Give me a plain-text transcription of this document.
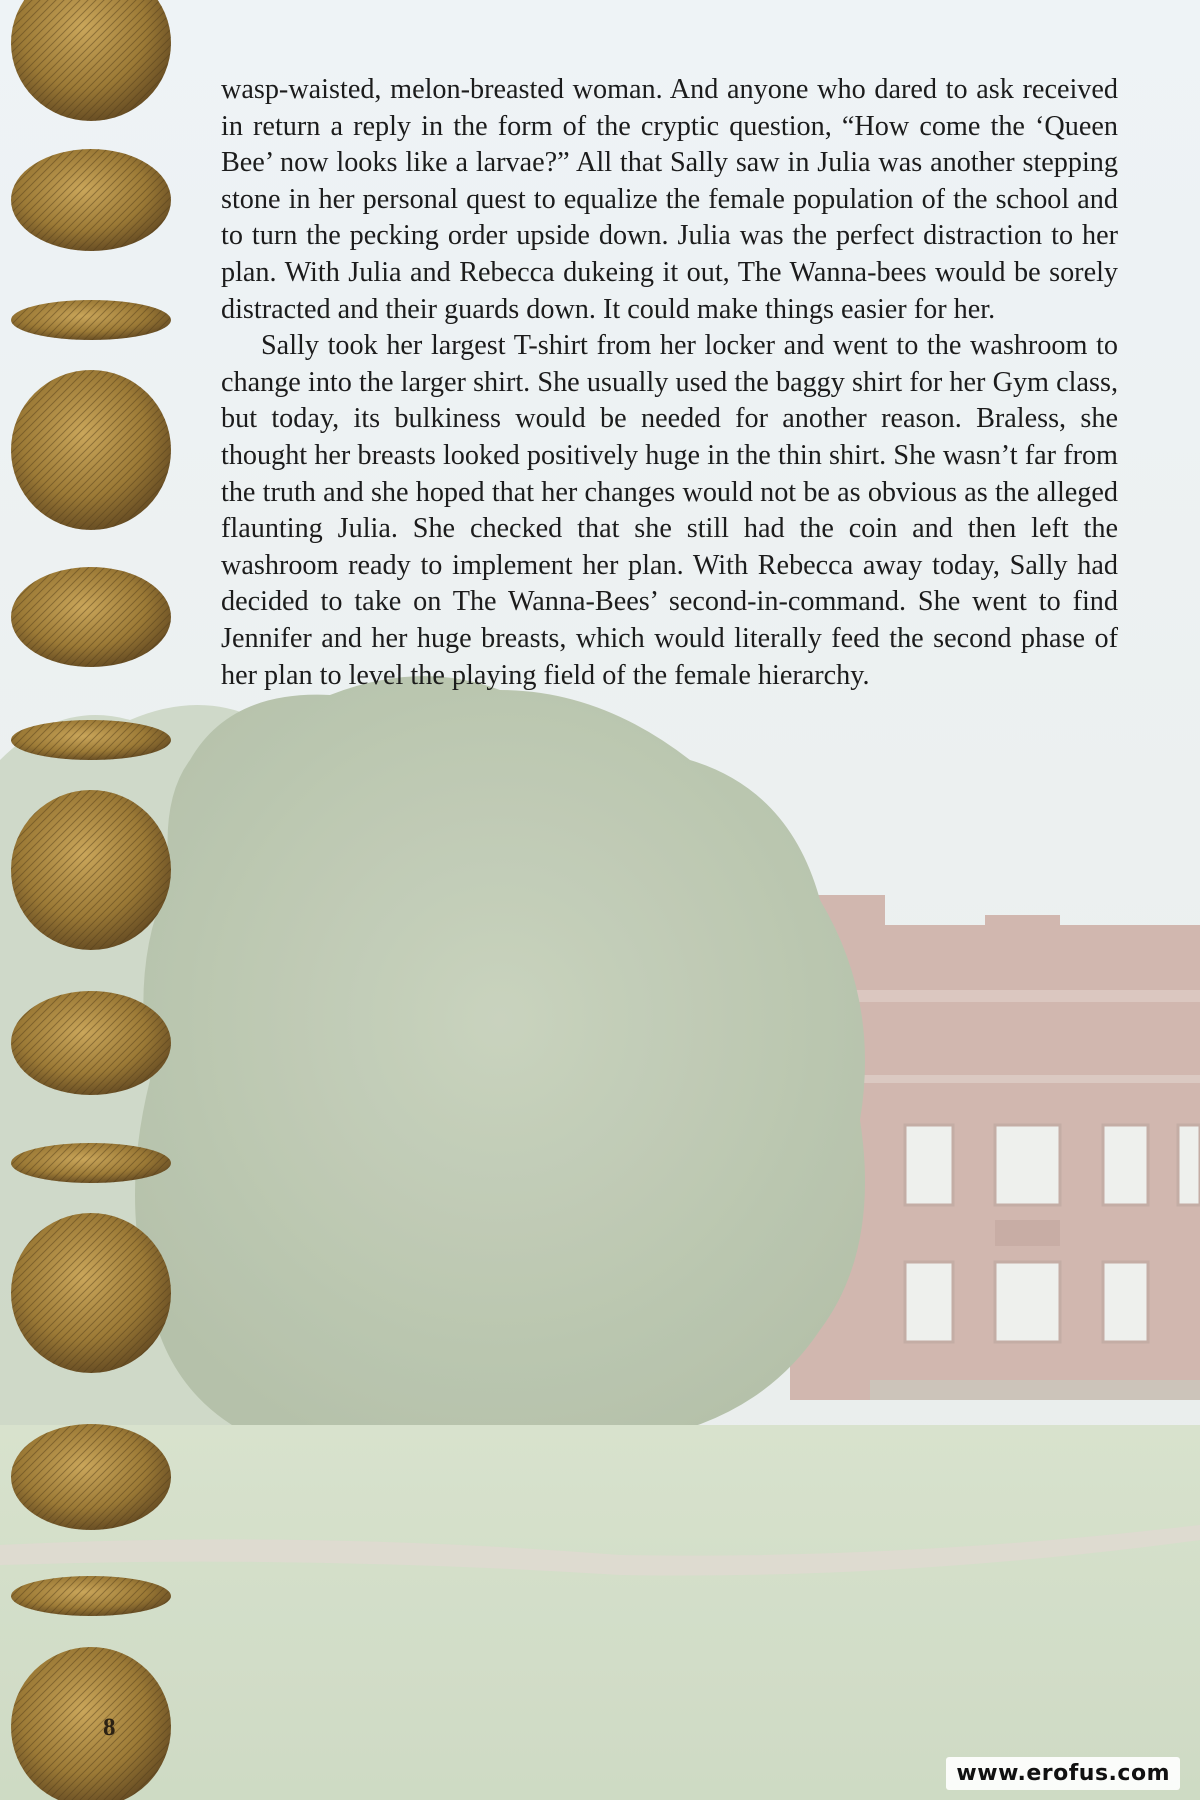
wasp-waisted, melon-breasted woman. And anyone who dared to ask received in return a reply in the form of the cryptic question, “How come the ‘Queen Bee’ now looks like a larvae?” All that Sally saw in Julia was another stepping stone in her personal quest to equalize the female population of the school and to turn the pecking order upside down. Julia was the perfect distraction to her plan. With Julia and Rebecca dukeing it out, The Wanna-bees would be sorely distracted and their guards down. It could make things easier for her.

Sally took her largest T-shirt from her locker and went to the washroom to change into the larger shirt. She usually used the baggy shirt for her Gym class, but today, its bulkiness would be needed for another reason. Braless, she thought her breasts looked positively huge in the thin shirt. She wasn’t far from the truth and she hoped that her changes would not be as obvious as the alleged flaunting Julia. She checked that she still had the coin and then left the washroom ready to implement her plan. With Rebecca away today, Sally had decided to take on The Wanna-Bees’ second-in-command. She went to find Jennifer and her huge breasts, which would literally feed the second phase of her plan to level the playing field of the female hierarchy.

8
www.erofus.com
